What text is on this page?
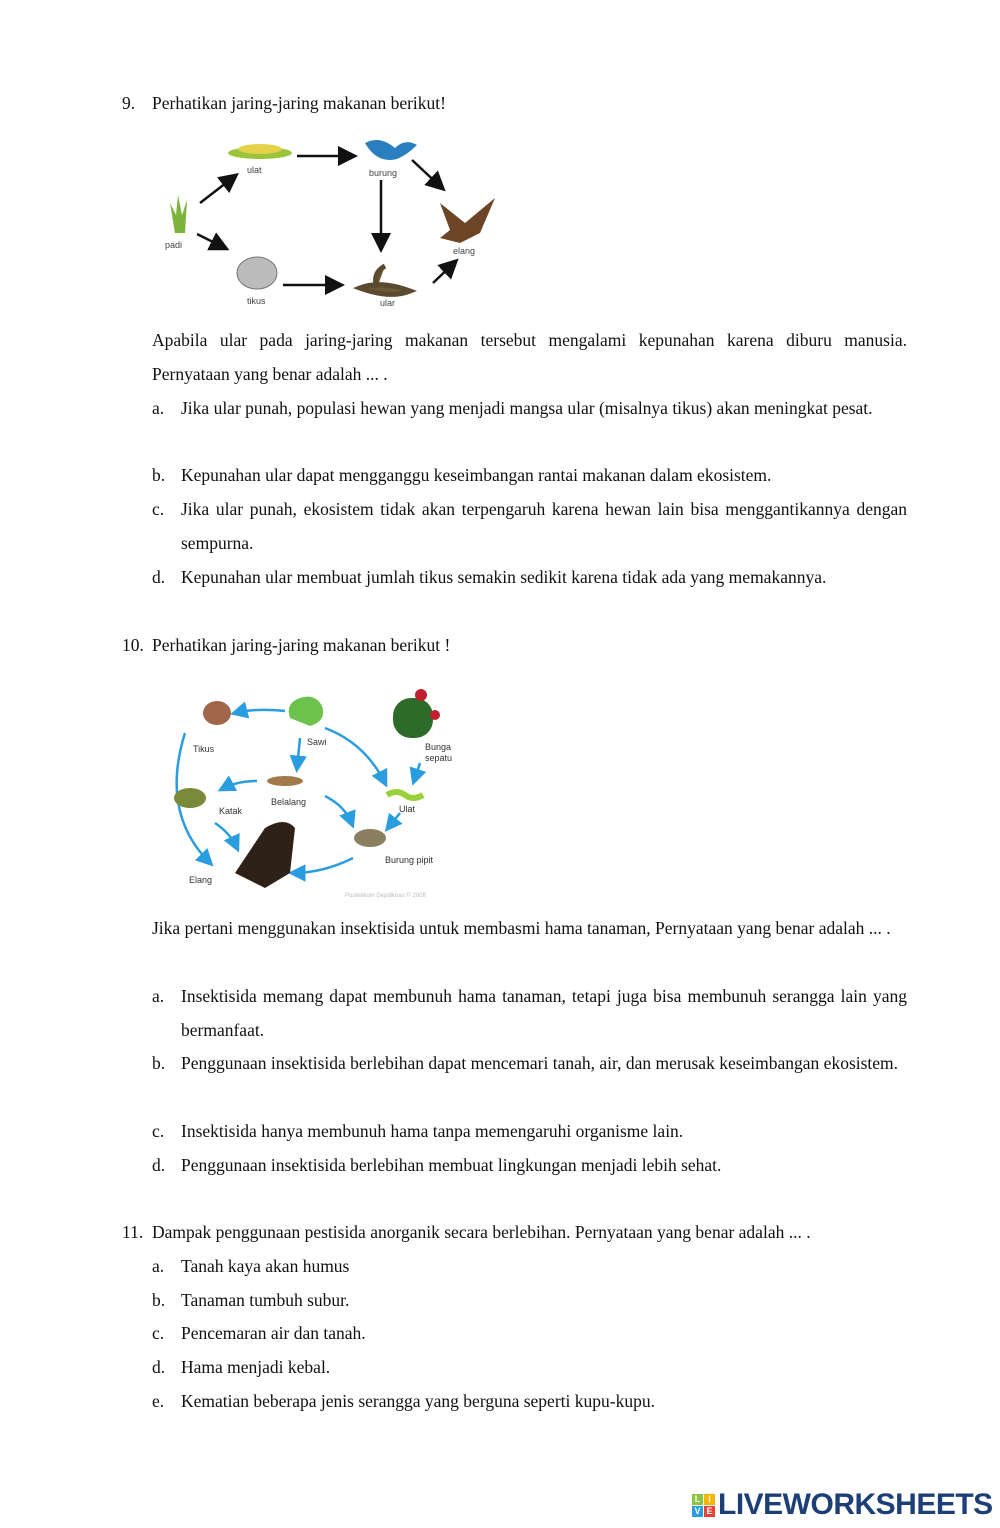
9. Perhatikan jaring-jaring makanan berikut!
ulat	burung
padi
elang
tikus	ular
Apabila ular pada jaring-jaring makanan tersebut mengalami kepunahan karena diburu manusia. Pernyataan yang benar adalah ... .
a. Jika ular punah, populasi hewan yang menjadi mangsa ular (misalnya tikus) akan meningkat pesat.
b. Kepunahan ular dapat mengganggu keseimbangan rantai makanan dalam ekosistem.
c. Jika ular punah, ekosistem tidak akan terpengaruh karena hewan lain bisa menggantikannya dengan sempurna.
d. Kepunahan ular membuat jumlah tikus semakin sedikit karena tidak ada yang memakannya.
10. Perhatikan jaring-jaring makanan berikut !
Tikus
Sawi	Bunga
sepatu
Katak
Belalang
Ulat
Burung pipit
Elang
Pustekkom Depdiknas © 2008
Jika pertani menggunakan insektisida untuk membasmi hama tanaman, Pernyataan yang benar adalah ... .
a. Insektisida memang dapat membunuh hama tanaman, tetapi juga bisa membunuh serangga lain yang bermanfaat.
b. Penggunaan insektisida berlebihan dapat mencemari tanah, air, dan merusak keseimbangan ekosistem.
c. Insektisida hanya membunuh hama tanpa memengaruhi organisme lain.
d. Penggunaan insektisida berlebihan membuat lingkungan menjadi lebih sehat.
11. Dampak penggunaan pestisida anorganik secara berlebihan. Pernyataan yang benar adalah ... .
a. Tanah kaya akan humus
b. Tanaman tumbuh subur.
c. Pencemaran air dan tanah.
d. Hama menjadi kebal.
e. Kematian beberapa jenis serangga yang berguna seperti kupu-kupu.
L I
V E LIVEWORKSHEETS
